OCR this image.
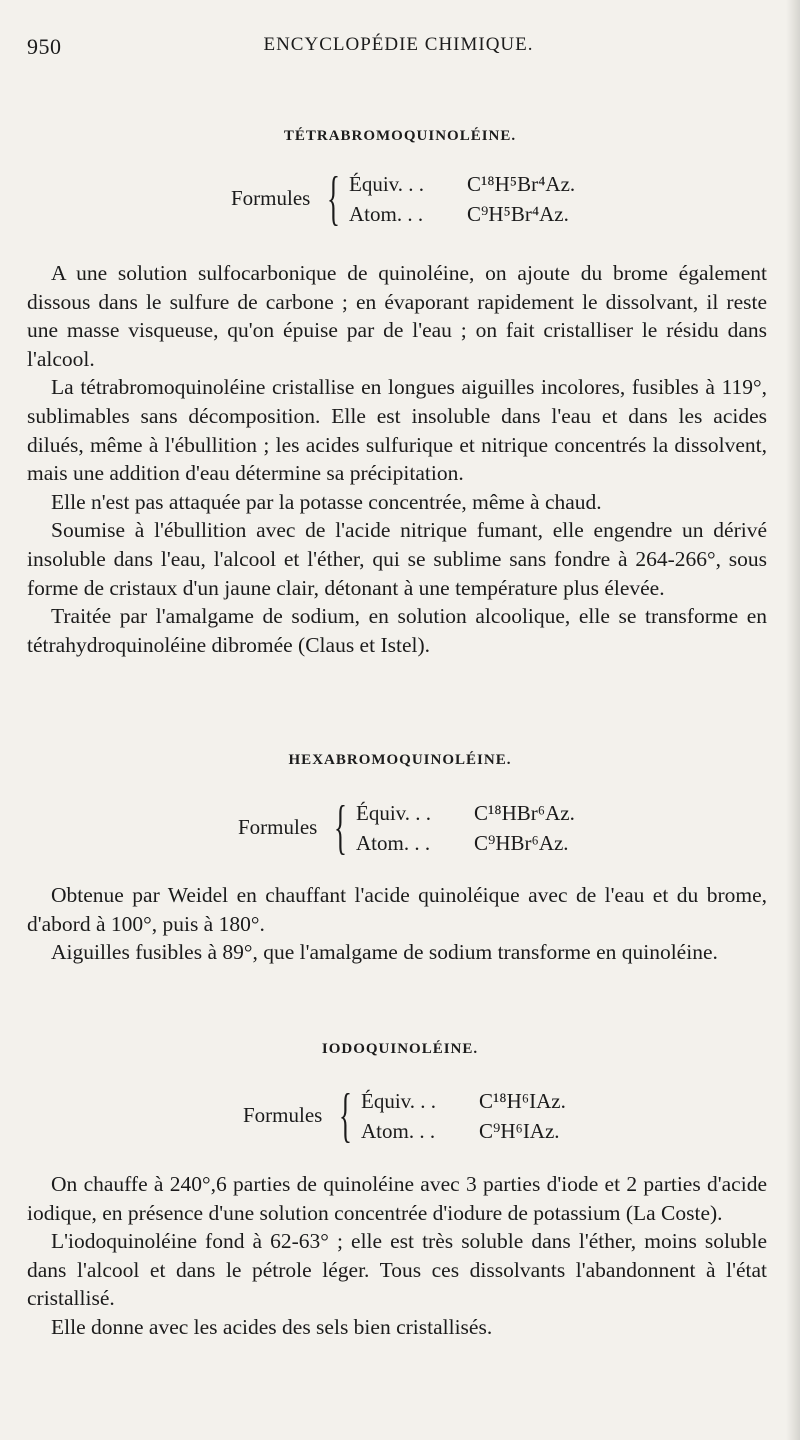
950	ENCYCLOPÉDIE CHIMIQUE.
TÉTRABROMOQUINOLÉINE.
Formules { Équiv. . . C¹⁸H⁵Br⁴Az.
Atom. . . C⁹H⁵Br⁴Az.

A une solution sulfocarbonique de quinoléine, on ajoute du brome également dissous dans le sulfure de carbone ; en évaporant rapidement le dissolvant, il reste une masse visqueuse, qu'on épuise par de l'eau ; on fait cristalliser le résidu dans l'alcool.

La tétrabromoquinoléine cristallise en longues aiguilles incolores, fusibles à 119°, sublimables sans décomposition. Elle est insoluble dans l'eau et dans les acides dilués, même à l'ébullition ; les acides sulfurique et nitrique concentrés la dissolvent, mais une addition d'eau détermine sa précipitation.

Elle n'est pas attaquée par la potasse concentrée, même à chaud.

Soumise à l'ébullition avec de l'acide nitrique fumant, elle engendre un dérivé insoluble dans l'eau, l'alcool et l'éther, qui se sublime sans fondre à 264-266°, sous forme de cristaux d'un jaune clair, détonant à une température plus élevée.

Traitée par l'amalgame de sodium, en solution alcoolique, elle se transforme en tétrahydroquinoléine dibromée (Claus et Istel).

HEXABROMOQUINOLÉINE.
Formules { Équiv. . . C¹⁸HBr⁶Az.
Atom. . . C⁹HBr⁶Az.

Obtenue par Weidel en chauffant l'acide quinoléique avec de l'eau et du brome, d'abord à 100°, puis à 180°.

Aiguilles fusibles à 89°, que l'amalgame de sodium transforme en quinoléine.

IODOQUINOLÉINE.
Formules { Équiv. . . C¹⁸H⁶IAz.
Atom. . . C⁹H⁶IAz.

On chauffe à 240°,6 parties de quinoléine avec 3 parties d'iode et 2 parties d'acide iodique, en présence d'une solution concentrée d'iodure de potassium (La Coste).

L'iodoquinoléine fond à 62-63° ; elle est très soluble dans l'éther, moins soluble dans l'alcool et dans le pétrole léger. Tous ces dissolvants l'abandonnent à l'état cristallisé.

Elle donne avec les acides des sels bien cristallisés.
